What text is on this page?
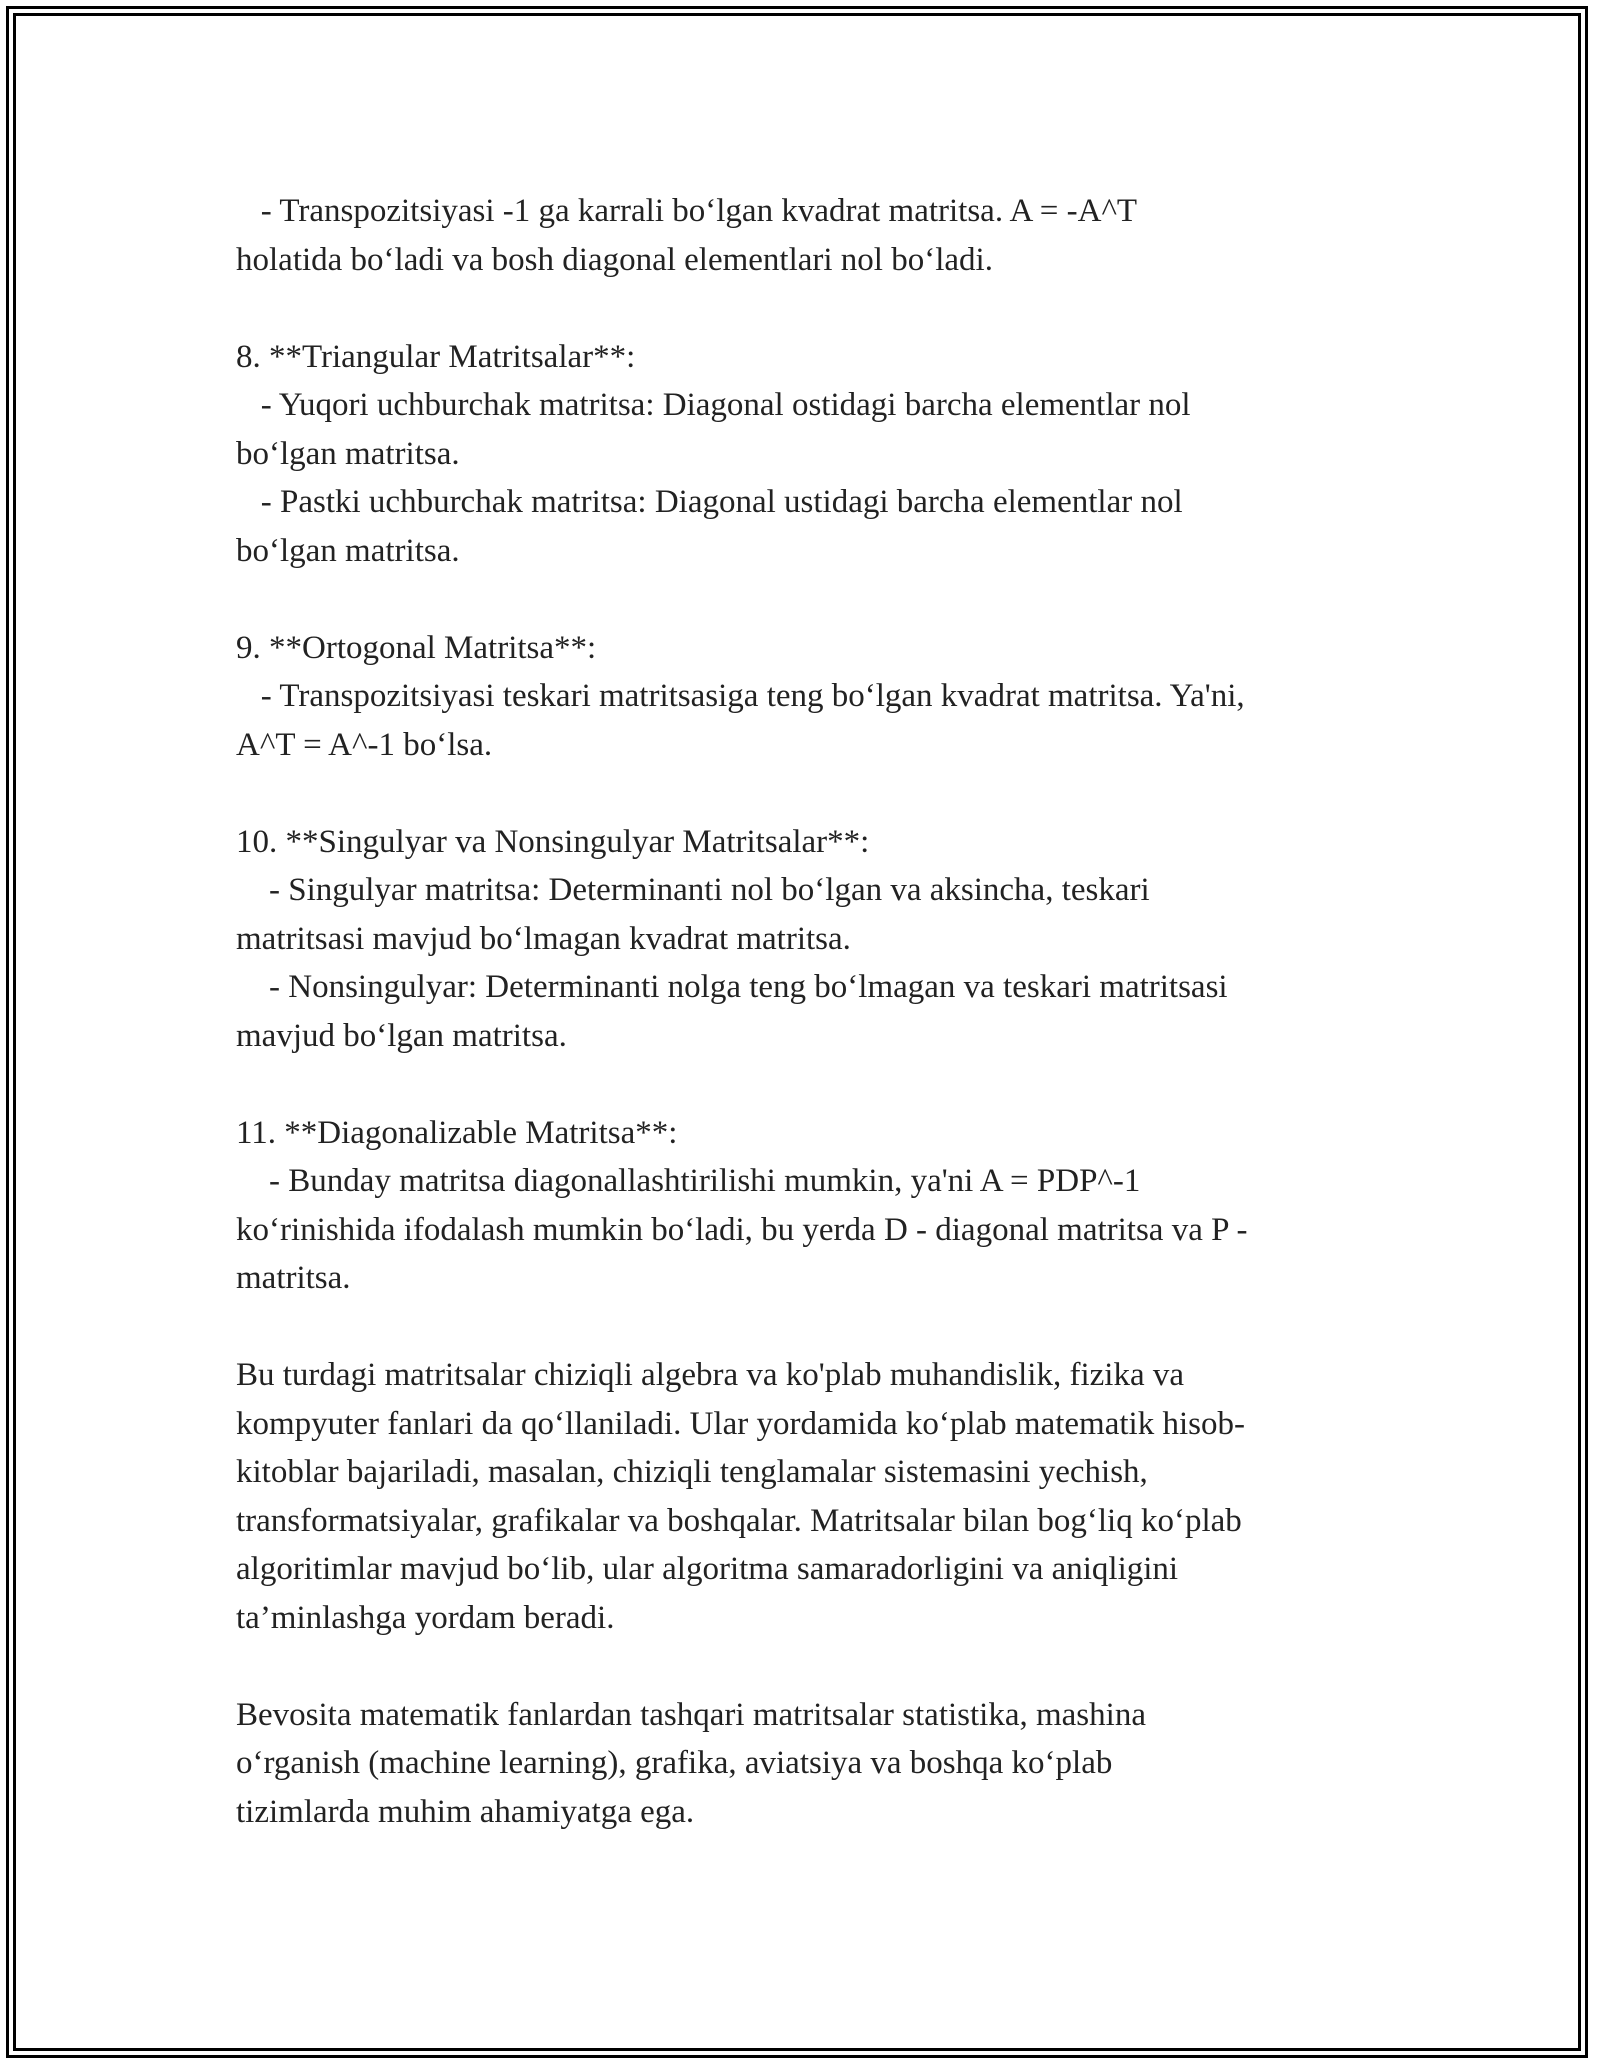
- Transpozitsiyasi -1 ga karrali bo‘lgan kvadrat matritsa. A = -A^T
holatida bo‘ladi va bosh diagonal elementlari nol bo‘ladi.
8. **Triangular Matritsalar**:
- Yuqori uchburchak matritsa: Diagonal ostidagi barcha elementlar nol
bo‘lgan matritsa.
- Pastki uchburchak matritsa: Diagonal ustidagi barcha elementlar nol
bo‘lgan matritsa.
9. **Ortogonal Matritsa**:
- Transpozitsiyasi teskari matritsasiga teng bo‘lgan kvadrat matritsa. Ya'ni,
A^T = A^-1 bo‘lsa.
10. **Singulyar va Nonsingulyar Matritsalar**:
- Singulyar matritsa: Determinanti nol bo‘lgan va aksincha, teskari
matritsasi mavjud bo‘lmagan kvadrat matritsa.
- Nonsingulyar: Determinanti nolga teng bo‘lmagan va teskari matritsasi
mavjud bo‘lgan matritsa.
11. **Diagonalizable Matritsa**:
- Bunday matritsa diagonallashtirilishi mumkin, ya'ni A = PDP^-1
ko‘rinishida ifodalash mumkin bo‘ladi, bu yerda D - diagonal matritsa va P -
matritsa.
Bu turdagi matritsalar chiziqli algebra va ko'plab muhandislik, fizika va
kompyuter fanlari da qo‘llaniladi. Ular yordamida ko‘plab matematik hisob-
kitoblar bajariladi, masalan, chiziqli tenglamalar sistemasini yechish,
transformatsiyalar, grafikalar va boshqalar. Matritsalar bilan bog‘liq ko‘plab
algoritimlar mavjud bo‘lib, ular algoritma samaradorligini va aniqligini
ta’minlashga yordam beradi.
Bevosita matematik fanlardan tashqari matritsalar statistika, mashina
o‘rganish (machine learning), grafika, aviatsiya va boshqa ko‘plab
tizimlarda muhim ahamiyatga ega.
